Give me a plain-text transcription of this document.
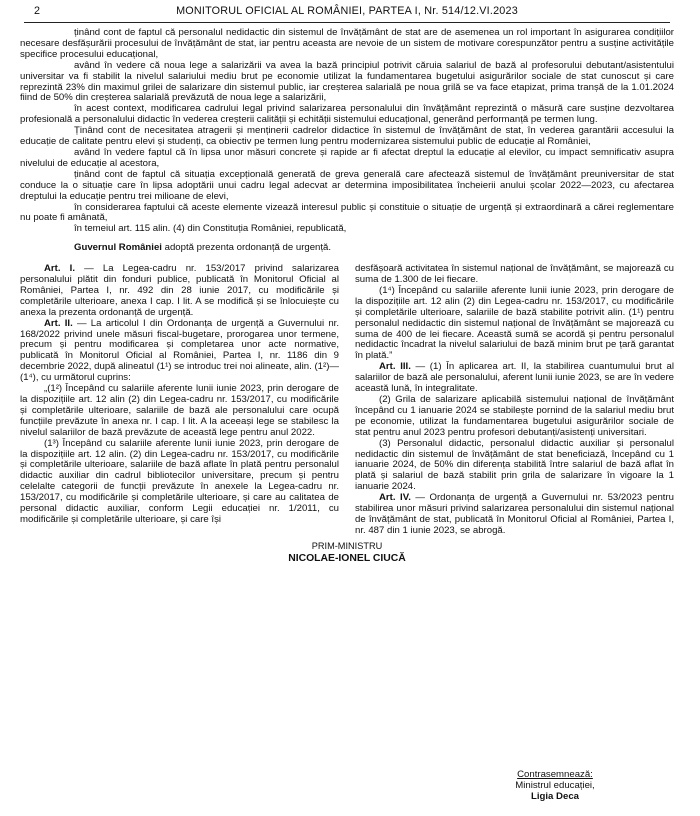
2	MONITORUL OFICIAL AL ROMÂNIEI, PARTEA I, Nr. 514/12.VI.2023

ținând cont de faptul că personalul nedidactic din sistemul de învățământ de stat are de asemenea un rol important în asigurarea condițiilor necesare desfășurării procesului de învățământ de stat, iar pentru aceasta are nevoie de un sistem de motivare corespunzător pentru a susține activitățile specifice procesului educațional,

având în vedere că noua lege a salarizării va avea la bază principiul potrivit căruia salariul de bază al profesorului debutant/asistentului universitar va fi stabilit la nivelul salariului mediu brut pe economie utilizat la fundamentarea bugetului asigurărilor sociale de stat cunoscut și care reprezintă 23% din maximul grilei de salarizare din sistemul public, iar creșterea salarială pe noua grilă se va face etapizat, prima tranșă de la 1.01.2024 fiind de 50% din creșterea salarială prevăzută de noua lege a salarizării,

în acest context, modificarea cadrului legal privind salarizarea personalului din învățământ reprezintă o măsură care susține dezvoltarea profesională a personalului didactic în vederea creșterii calității și echității sistemului educațional, generând performanță pe termen lung.

Ținând cont de necesitatea atragerii și menținerii cadrelor didactice în sistemul de învățământ de stat, în vederea garantării accesului la educație de calitate pentru elevi și studenți, ca obiectiv pe termen lung pentru modernizarea sistemului public de educație al României,

având în vedere faptul că în lipsa unor măsuri concrete și rapide ar fi afectat dreptul la educație al elevilor, cu impact semnificativ asupra nivelului de educație al acestora,

ținând cont de faptul că situația excepțională generată de greva generală care afectează sistemul de învățământ preuniversitar de stat conduce la o situație care în lipsa adoptării unui cadru legal adecvat ar determina imposibilitatea încheierii anului școlar 2022—2023, cu afectarea dreptului la educație pentru trei milioane de elevi,

în considerarea faptului că aceste elemente vizează interesul public și constituie o situație de urgență și extraordinară a cărei reglementare nu poate fi amânată,

în temeiul art. 115 alin. (4) din Constituția României, republicată,

Guvernul României adoptă prezenta ordonanță de urgență.

Art. I. — La Legea-cadru nr. 153/2017 privind salarizarea personalului plătit din fonduri publice, publicată în Monitorul Oficial al României, Partea I, nr. 492 din 28 iunie 2017, cu modificările și completările ulterioare, anexa I cap. I lit. A se modifică și se înlocuiește cu anexa la prezenta ordonanță de urgență.

Art. II. — La articolul I din Ordonanța de urgență a Guvernului nr. 168/2022 privind unele măsuri fiscal-bugetare, prorogarea unor termene, precum și pentru modificarea și completarea unor acte normative, publicată în Monitorul Oficial al României, Partea I, nr. 1186 din 9 decembrie 2022, după alineatul (1¹) se introduc trei noi alineate, alin. (1²)—(1⁴), cu următorul cuprins:

„(1²) Începând cu salariile aferente lunii iunie 2023, prin derogare de la dispozițiile art. 12 alin (2) din Legea-cadru nr. 153/2017, cu modificările și completările ulterioare, salariile de bază ale personalului care ocupă funcțiile prevăzute în anexa nr. I cap. I lit. A la aceeași lege se stabilesc la nivelul salariilor de bază prevăzute de această lege pentru anul 2022.

(1³) Începând cu salariile aferente lunii iunie 2023, prin derogare de la dispozițiile art. 12 alin. (2) din Legea-cadru nr. 153/2017, cu modificările și completările ulterioare, salariile de bază aflate în plată pentru personalul didactic auxiliar din cadrul bibliotecilor universitare, precum și pentru celelalte categorii de funcții prevăzute în anexele la Legea-cadru nr. 153/2017, cu modificările și completările ulterioare, și care au calitatea de personal didactic auxiliar, conform Legii educației nr. 1/2011, cu modificările și completările ulterioare, și care își

desfășoară activitatea în sistemul național de învățământ, se majorează cu suma de 1.300 de lei fiecare.

(1⁴) Începând cu salariile aferente lunii iunie 2023, prin derogare de la dispozițiile art. 12 alin (2) din Legea-cadru nr. 153/2017, cu modificările și completările ulterioare, salariile de bază stabilite potrivit alin. (1¹) pentru personalul nedidactic din sistemul național de învățământ se majorează cu suma de 400 de lei fiecare. Această sumă se acordă și pentru personalul nedidactic încadrat la nivelul salariului de bază minim brut pe țară garantat în plată.”

Art. III. — (1) În aplicarea art. II, la stabilirea cuantumului brut al salariilor de bază ale personalului, aferent lunii iunie 2023, se are în vedere această lună, în integralitate.

(2) Grila de salarizare aplicabilă sistemului național de învățământ începând cu 1 ianuarie 2024 se stabilește pornind de la salariul mediu brut pe economie, utilizat la fundamentarea bugetului asigurărilor sociale de stat pentru anul 2023 pentru profesori debutanți/asistenți universitari.

(3) Personalul didactic, personalul didactic auxiliar și personalul nedidactic din sistemul de învățământ de stat beneficiază, începând cu 1 ianuarie 2024, de 50% din diferența stabilită între salariul de bază aflat în plată și salariul de bază stabilit prin grila de salarizare în vigoare la 1 ianuarie 2024.

Art. IV. — Ordonanța de urgență a Guvernului nr. 53/2023 pentru stabilirea unor măsuri privind salarizarea personalului din sistemul național de învățământ de stat, publicată în Monitorul Oficial al României, Partea I, nr. 487 din 1 iunie 2023, se abrogă.

PRIM-MINISTRU
NICOLAE-IONEL CIUCĂ
Contrasemnează:
Ministrul educației,
Ligia Deca
